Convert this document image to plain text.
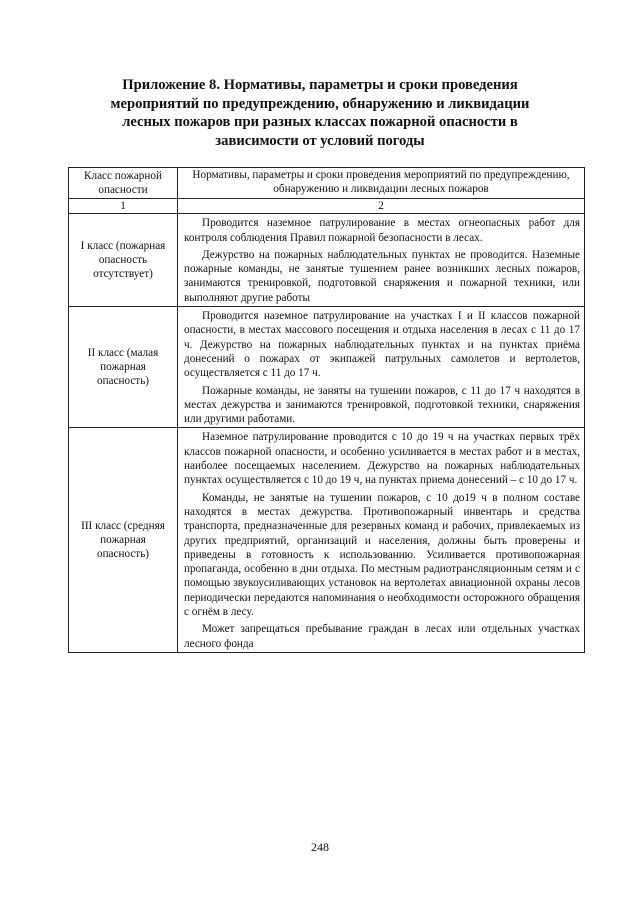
Приложение 8. Нормативы, параметры и сроки проведения мероприятий по предупреждению, обнаружению и ликвидации лесных пожаров при разных классах пожарной опасности в зависимости от условий погоды
Класс пожарной опасности	Нормативы, параметры и сроки проведения мероприятий по предупреждению, обнаружению и ликвидации лесных пожаров
1	2
I класс (пожарная опасность отсутствует)	Проводится наземное патрулирование в местах огнеопасных работ для контроля соблюдения Правил пожарной безопасности в лесах.

Дежурство на пожарных наблюдательных пунктах не проводится. Наземные пожарные команды, не занятые тушением ранее возникших лесных пожаров, занимаются тренировкой, подготовкой снаряжения и пожарной техники, или выполняют другие работы

II класс (малая пожарная опасность)	Проводится наземное патрулирование на участках I и II классов пожарной опасности, в местах массового посещения и отдыха населения в лесах с 11 до 17 ч. Дежурство на пожарных наблюдательных пунктах и на пунктах приёма донесений о пожарах от экипажей патрульных самолетов и вертолетов, осуществляется с 11 до 17 ч.

Пожарные команды, не заняты на тушении пожаров, с 11 до 17 ч находятся в местах дежурства и занимаются тренировкой, подготовкой техники, снаряжения или другими работами.

III класс (средняя пожарная опасность)	Наземное патрулирование проводится с 10 до 19 ч на участках первых трёх классов пожарной опасности, и особенно усиливается в местах работ и в местах, наиболее посещаемых населением. Дежурство на пожарных наблюдательных пунктах осуществляется с 10 до 19 ч, на пунктах приема донесений – с 10 до 17 ч.

Команды, не занятые на тушении пожаров, с 10 до19 ч в полном составе находятся в местах дежурства. Противопожарный инвентарь и средства транспорта, предназначенные для резервных команд и рабочих, привлекаемых из других предприятий, организаций и населения, должны быть проверены и приведены в готовность к использованию. Усиливается противопожарная пропаганда, особенно в дни отдыха. По местным радиотрансляционным сетям и с помощью звукоусиливающих установок на вертолетах авиационной охраны лесов периодически передаются напоминания о необходимости осторожного обращения с огнём в лесу.

Может запрещаться пребывание граждан в лесах или отдельных участках лесного фонда

248
